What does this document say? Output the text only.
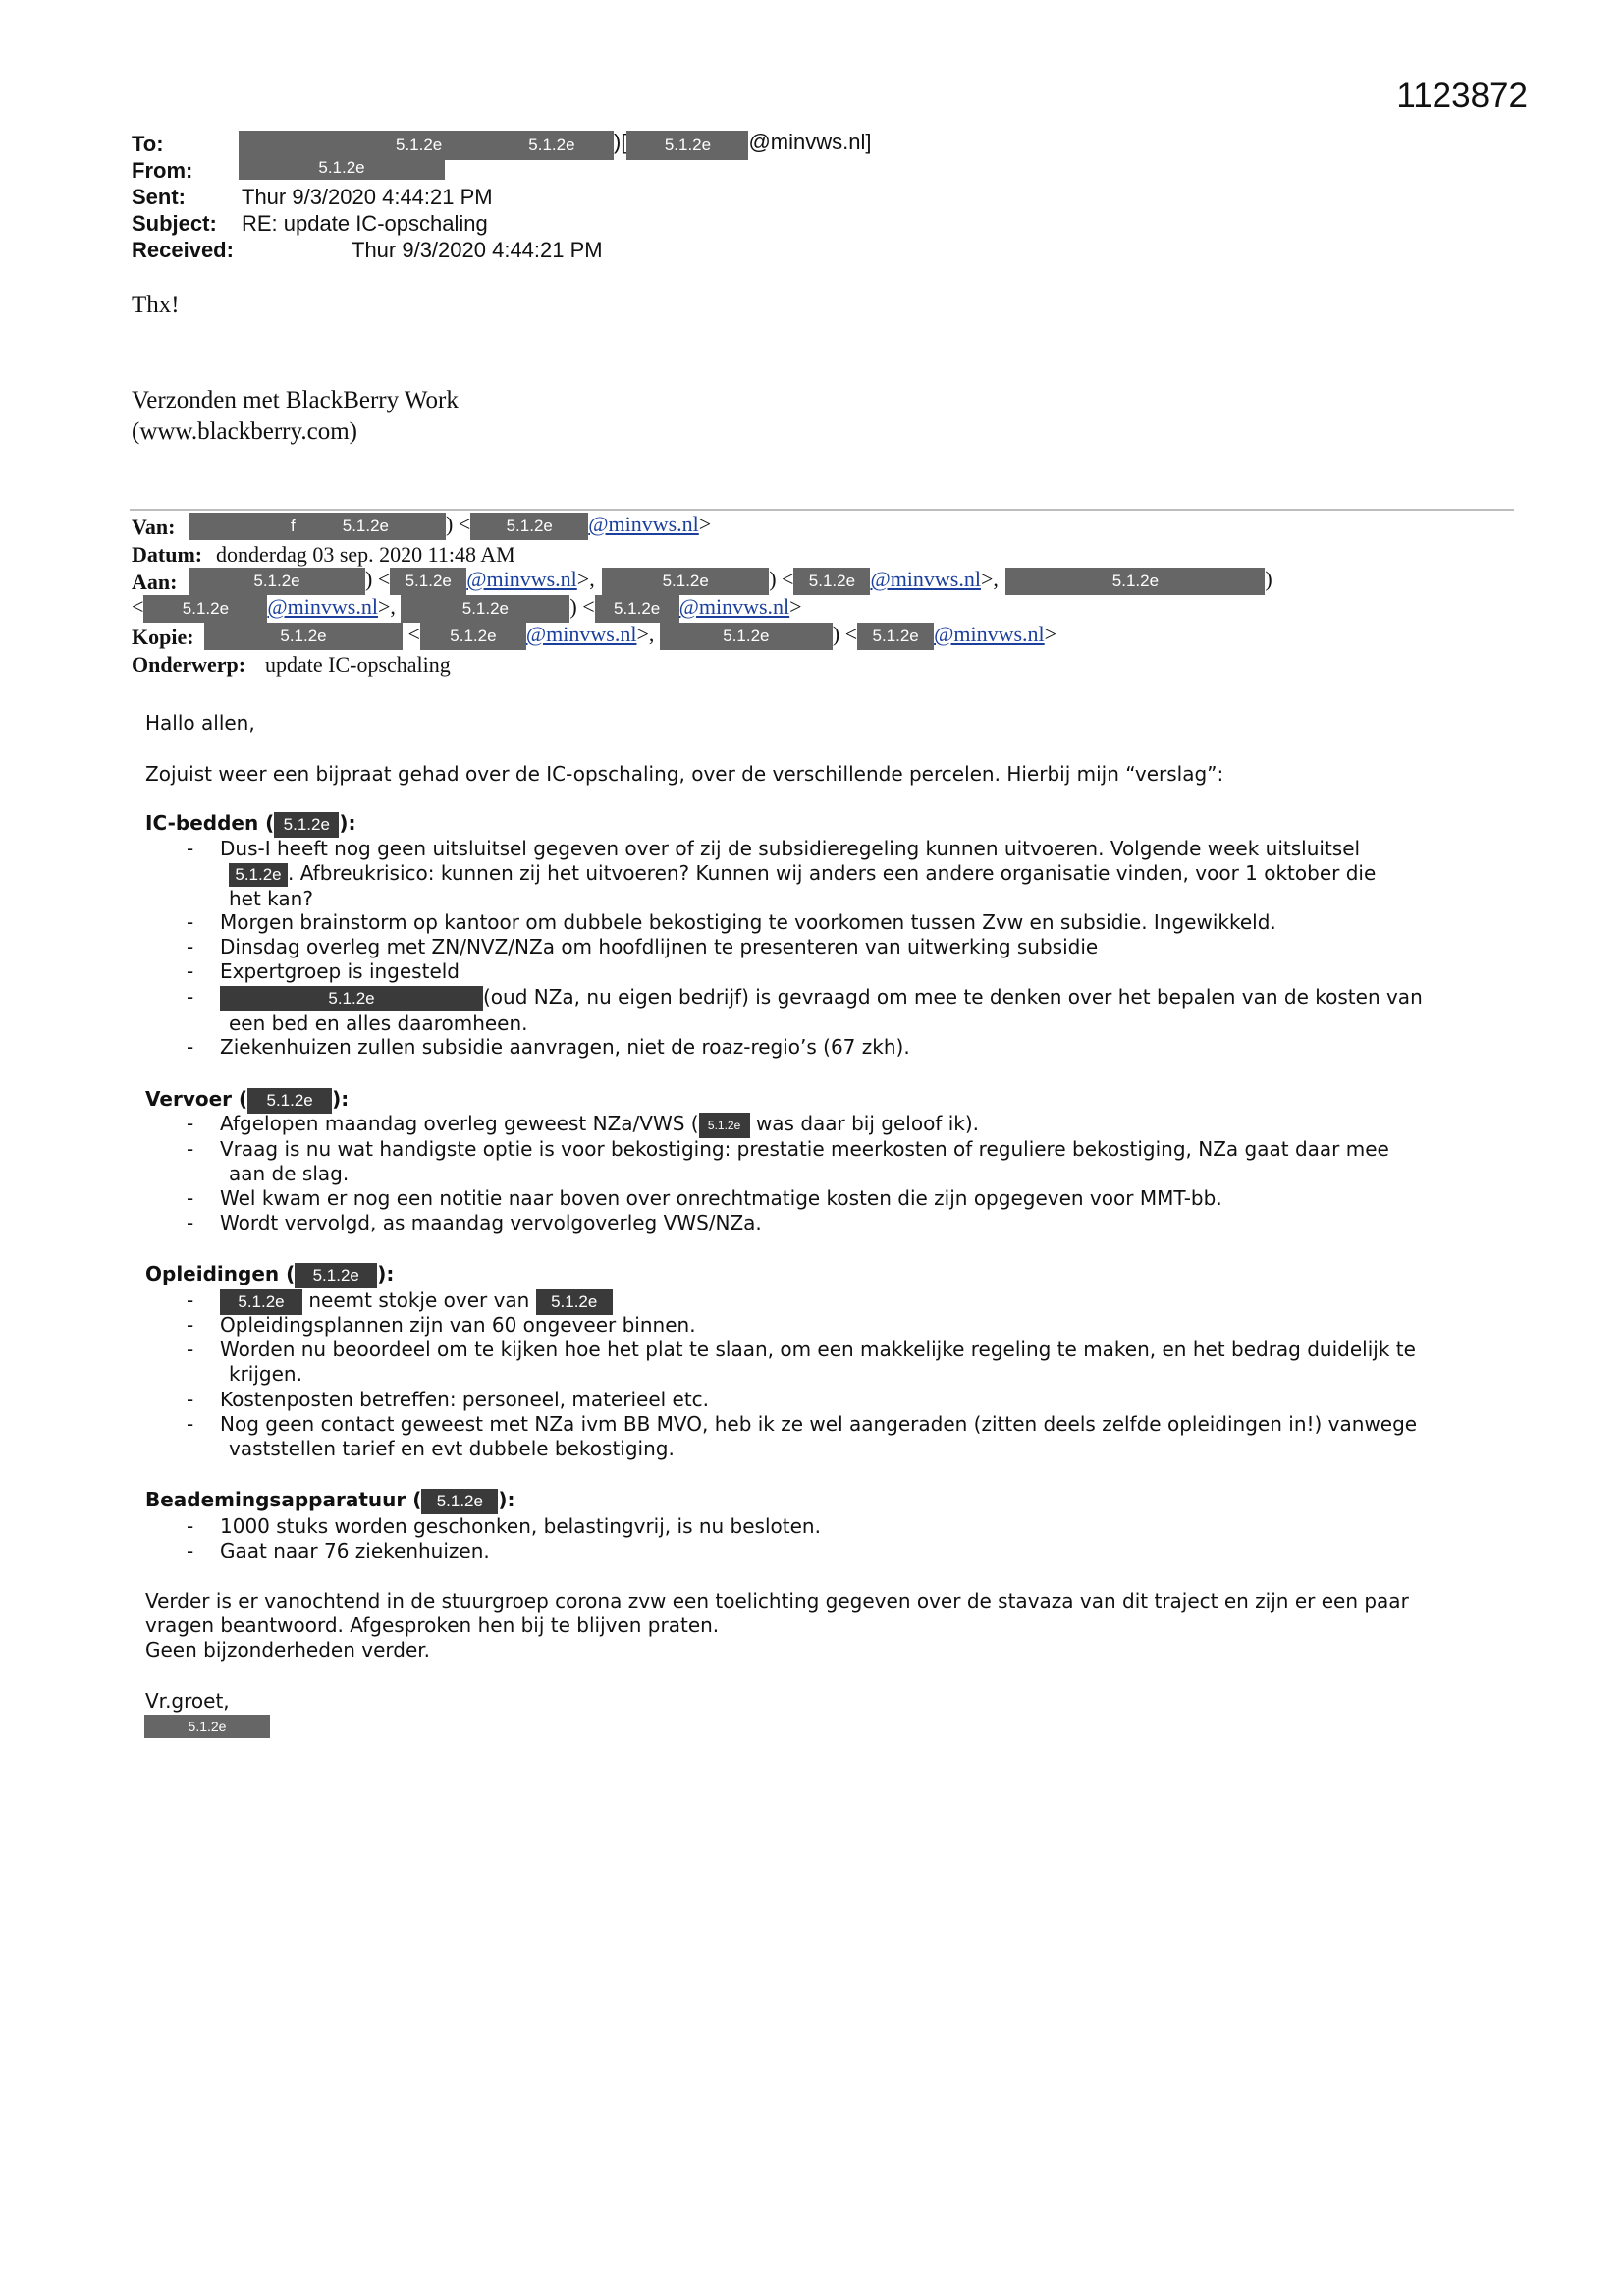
1123872
To:	5.1.2e	5.1.2e )[ 5.1.2e @minvws.nl]
From:	5.1.2e
Sent:	Thur 9/3/2020 4:44:21 PM
Subject: RE: update IC-opschaling
Received:	Thur 9/3/2020 4:44:21 PM
Thx!
Verzonden met BlackBerry Work
(www.blackberry.com)
Van:	f	5.1.2e	) < 5.1.2e @minvws.nl>
Datum: donderdag 03 sep. 2020 11:48 AM
Aan:	5.1.2e	) < 5.1.2e @minvws.nl>,	5.1.2e	) < 5.1.2e @minvws.nl>,	5.1.2e	)
< 5.1.2e @minvws.nl>,	5.1.2e	) < 5.1.2e @minvws.nl>
Kopie:	5.1.2e	< 5.1.2e @minvws.nl>,	5.1.2e	) < 5.1.2e @minvws.nl>
Onderwerp: update IC-opschaling
Hallo allen,
Zojuist weer een bijpraat gehad over de IC-opschaling, over de verschillende percelen. Hierbij mijn “verslag”:
IC-bedden ( 5.1.2e ):
- Dus-I heeft nog geen uitsluitsel gegeven over of zij de subsidieregeling kunnen uitvoeren. Volgende week uitsluitsel
5.1.2e . Afbreukrisico: kunnen zij het uitvoeren? Kunnen wij anders een andere organisatie vinden, voor 1 oktober die

het kan?
- Morgen brainstorm op kantoor om dubbele bekostiging te voorkomen tussen Zvw en subsidie. Ingewikkeld.
- Dinsdag overleg met ZN/NVZ/NZa om hoofdlijnen te presenteren van uitwerking subsidie
- Expertgroep is ingesteld
-	5.1.2e	(oud NZa, nu eigen bedrijf) is gevraagd om mee te denken over het bepalen van de kosten van

een bed en alles daaromheen.
- Ziekenhuizen zullen subsidie aanvragen, niet de roaz-regio’s (67 zkh).
Vervoer ( 5.1.2e ):
- Afgelopen maandag overleg geweest NZa/VWS ( 5.1.2e was daar bij geloof ik).
- Vraag is nu wat handigste optie is voor bekostiging: prestatie meerkosten of reguliere bekostiging, NZa gaat daar mee

aan de slag.
- Wel kwam er nog een notitie naar boven over onrechtmatige kosten die zijn opgegeven voor MMT-bb.
- Wordt vervolgd, as maandag vervolgoverleg VWS/NZa.
Opleidingen ( 5.1.2e ):
-	5.1.2e neemt stokje over van 5.1.2e
- Opleidingsplannen zijn van 60 ongeveer binnen.
- Worden nu beoordeel om te kijken hoe het plat te slaan, om een makkelijke regeling te maken, en het bedrag duidelijk te

krijgen.
- Kostenposten betreffen: personeel, materieel etc.
- Nog geen contact geweest met NZa ivm BB MVO, heb ik ze wel aangeraden (zitten deels zelfde opleidingen in!) vanwege

vaststellen tarief en evt dubbele bekostiging.
Beademingsapparatuur ( 5.1.2e ):
- 1000 stuks worden geschonken, belastingvrij, is nu besloten.
- Gaat naar 76 ziekenhuizen.
Verder is er vanochtend in de stuurgroep corona zvw een toelichting gegeven over de stavaza van dit traject en zijn er een paar
vragen beantwoord. Afgesproken hen bij te blijven praten.
Geen bijzonderheden verder.
Vr.groet,
5.1.2e
